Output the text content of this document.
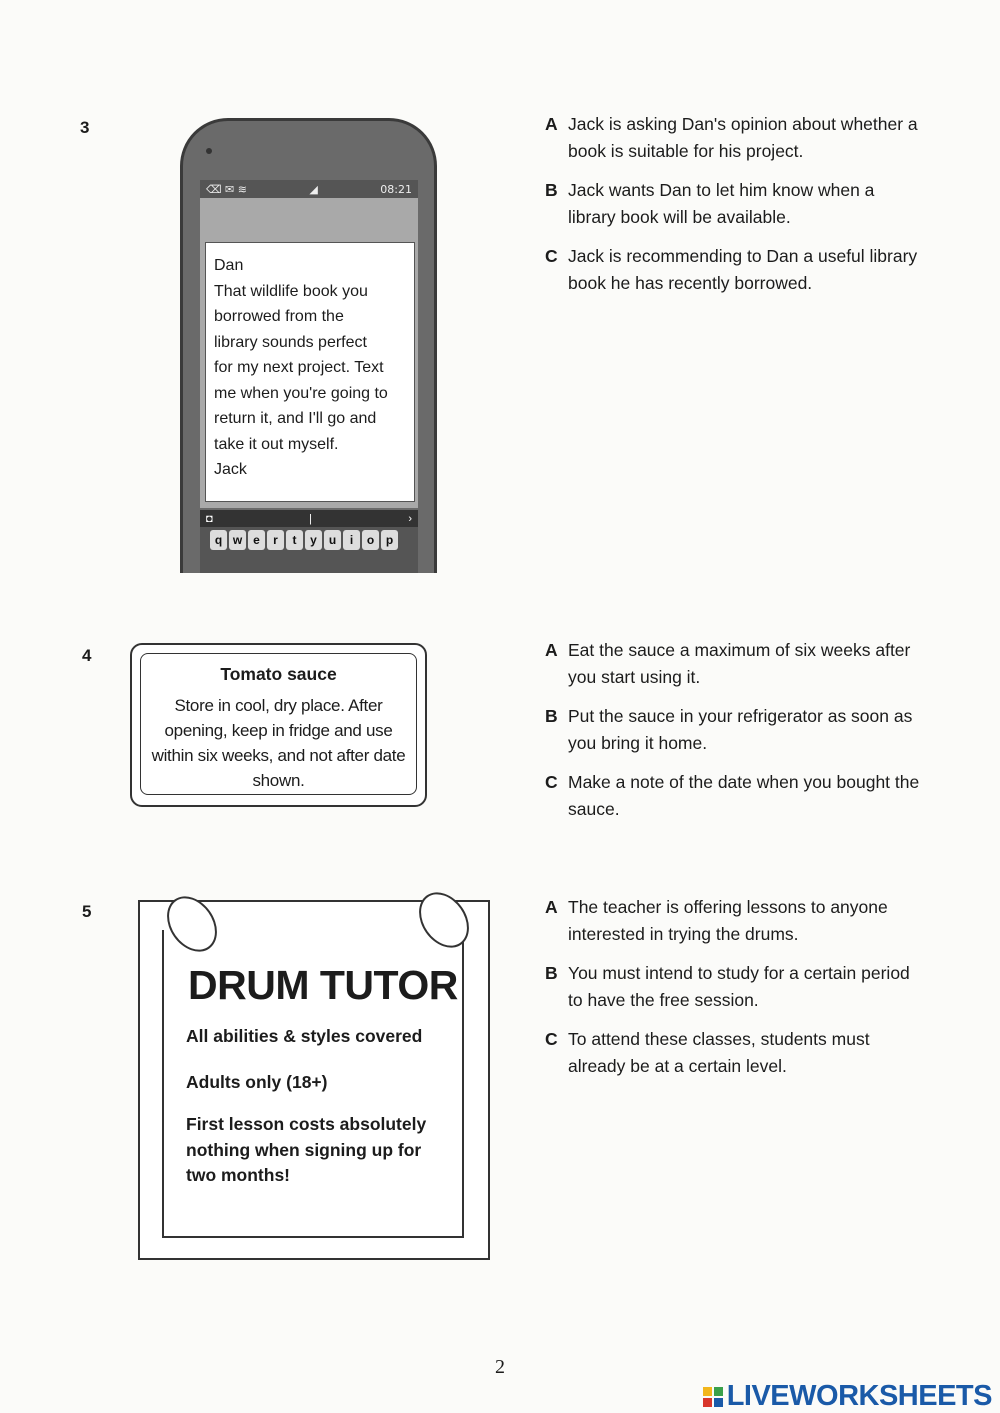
3
⌫ ✉ ≋	◢	08:21
Dan
That wildlife book you
borrowed from the
library sounds perfect
for my next project. Text
me when you're going to
return it, and I'll go and
take it out myself.
Jack
◘	|	›
q w e	r	t	y u	i	o p
A Jack is asking Dan's opinion about whether a book is suitable for his project.
B Jack wants Dan to let him know when a library book will be available.
C Jack is recommending to Dan a useful library book he has recently borrowed.
4
Tomato sauce
Store in cool, dry place. After opening, keep in fridge and use within six weeks, and not after date shown.
A Eat the sauce a maximum of six weeks after you start using it.
B Put the sauce in your refrigerator as soon as you bring it home.
C Make a note of the date when you bought the sauce.
5
DRUM TUTOR
All abilities & styles covered
Adults only (18+)
First lesson costs absolutely nothing when signing up for two months!
A The teacher is offering lessons to anyone interested in trying the drums.
B You must intend to study for a certain period to have the free session.
C To attend these classes, students must already be at a certain level.
2
LIVEWORKSHEETS
